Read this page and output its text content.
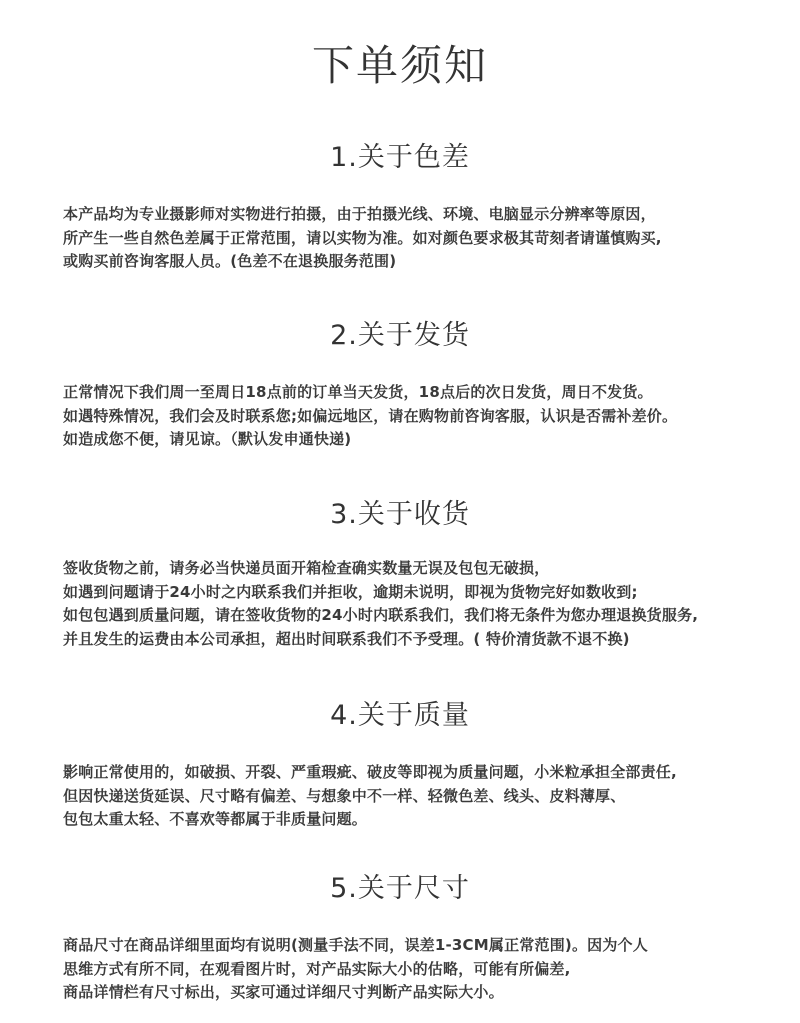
下单须知
1.关于色差
本产品均为专业摄影师对实物进行拍摄，由于拍摄光线、环境、电脑显示分辨率等原因，
所产生一些自然色差属于正常范围，请以实物为准。如对颜色要求极其苛刻者请谨慎购买,
或购买前咨询客服人员。(色差不在退换服务范围)
2.关于发货
正常情况下我们周一至周日18点前的订单当天发货，18点后的次日发货，周日不发货。
如遇特殊情况，我们会及时联系您;如偏远地区，请在购物前咨询客服，认识是否需补差价。
如造成您不便，请见谅。（默认发申通快递)
3.关于收货
签收货物之前，请务必当快递员面开箱检查确实数量无误及包包无破损，
如遇到问题请于24小时之内联系我们并拒收，逾期未说明，即视为货物完好如数收到;
如包包遇到质量问题，请在签收货物的24小时内联系我们，我们将无条件为您办理退换货服务,
并且发生的运费由本公司承担，超出时间联系我们不予受理。( 特价清货款不退不换)
4.关于质量
影响正常使用的，如破损、开裂、严重瑕疵、破皮等即视为质量问题，小米粒承担全部责任,
但因快递送货延误、尺寸略有偏差、与想象中不一样、轻微色差、线头、皮料薄厚、
包包太重太轻、不喜欢等都属于非质量问题。
5.关于尺寸
商品尺寸在商品详细里面均有说明(测量手法不同，误差1-3CM属正常范围)。因为个人
思维方式有所不同，在观看图片时，对产品实际大小的估略，可能有所偏差,
商品详情栏有尺寸标出，买家可通过详细尺寸判断产品实际大小。
